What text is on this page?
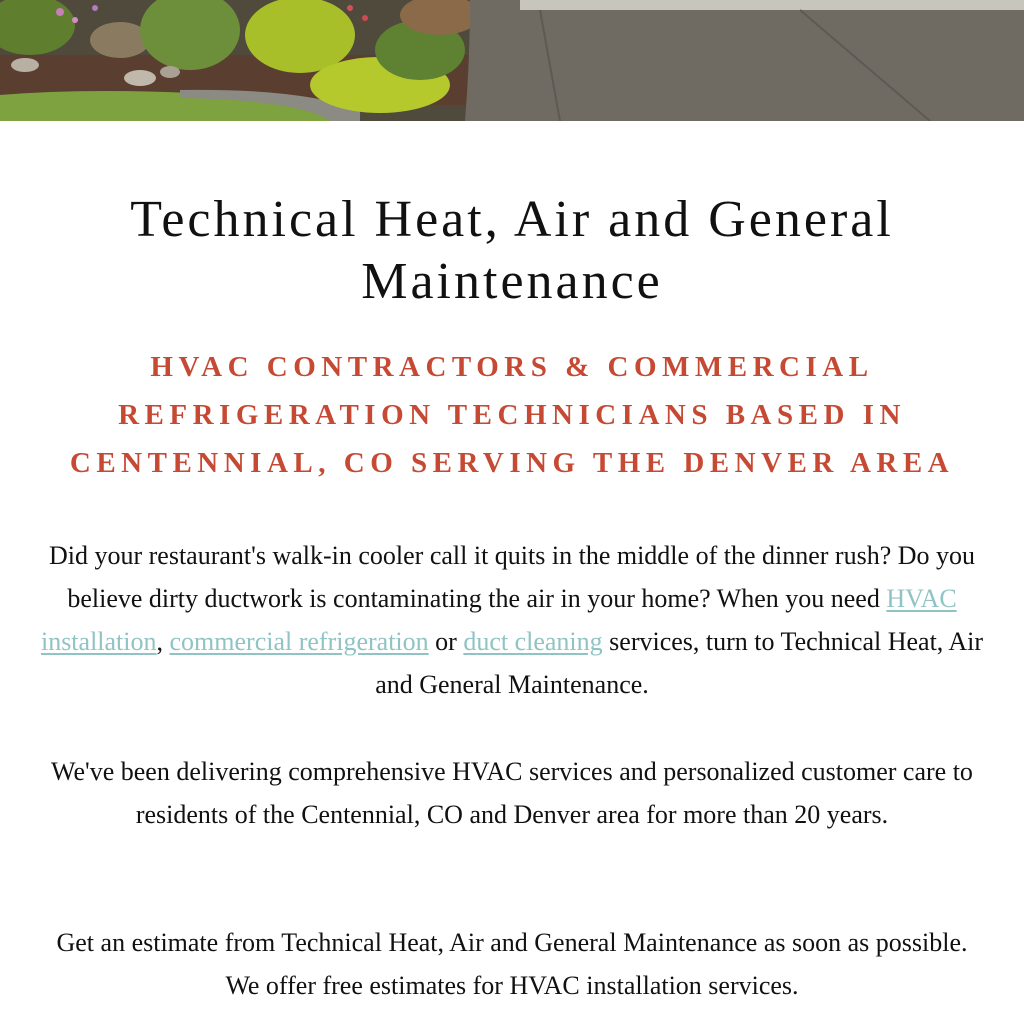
Technical Heat, Air and General Maintenance
HVAC CONTRACTORS & COMMERCIAL REFRIGERATION TECHNICIANS BASED IN CENTENNIAL, CO SERVING THE DENVER AREA

Did your restaurant's walk-in cooler call it quits in the middle of the dinner rush? Do you believe dirty ductwork is contaminating the air in your home? When you need HVAC installation, commercial refrigeration or duct cleaning services, turn to Technical Heat, Air and General Maintenance.

We've been delivering comprehensive HVAC services and personalized customer care to residents of the Centennial, CO and Denver area for more than 20 years.

Get an estimate from Technical Heat, Air and General Maintenance as soon as possible. We offer free estimates for HVAC installation services.
